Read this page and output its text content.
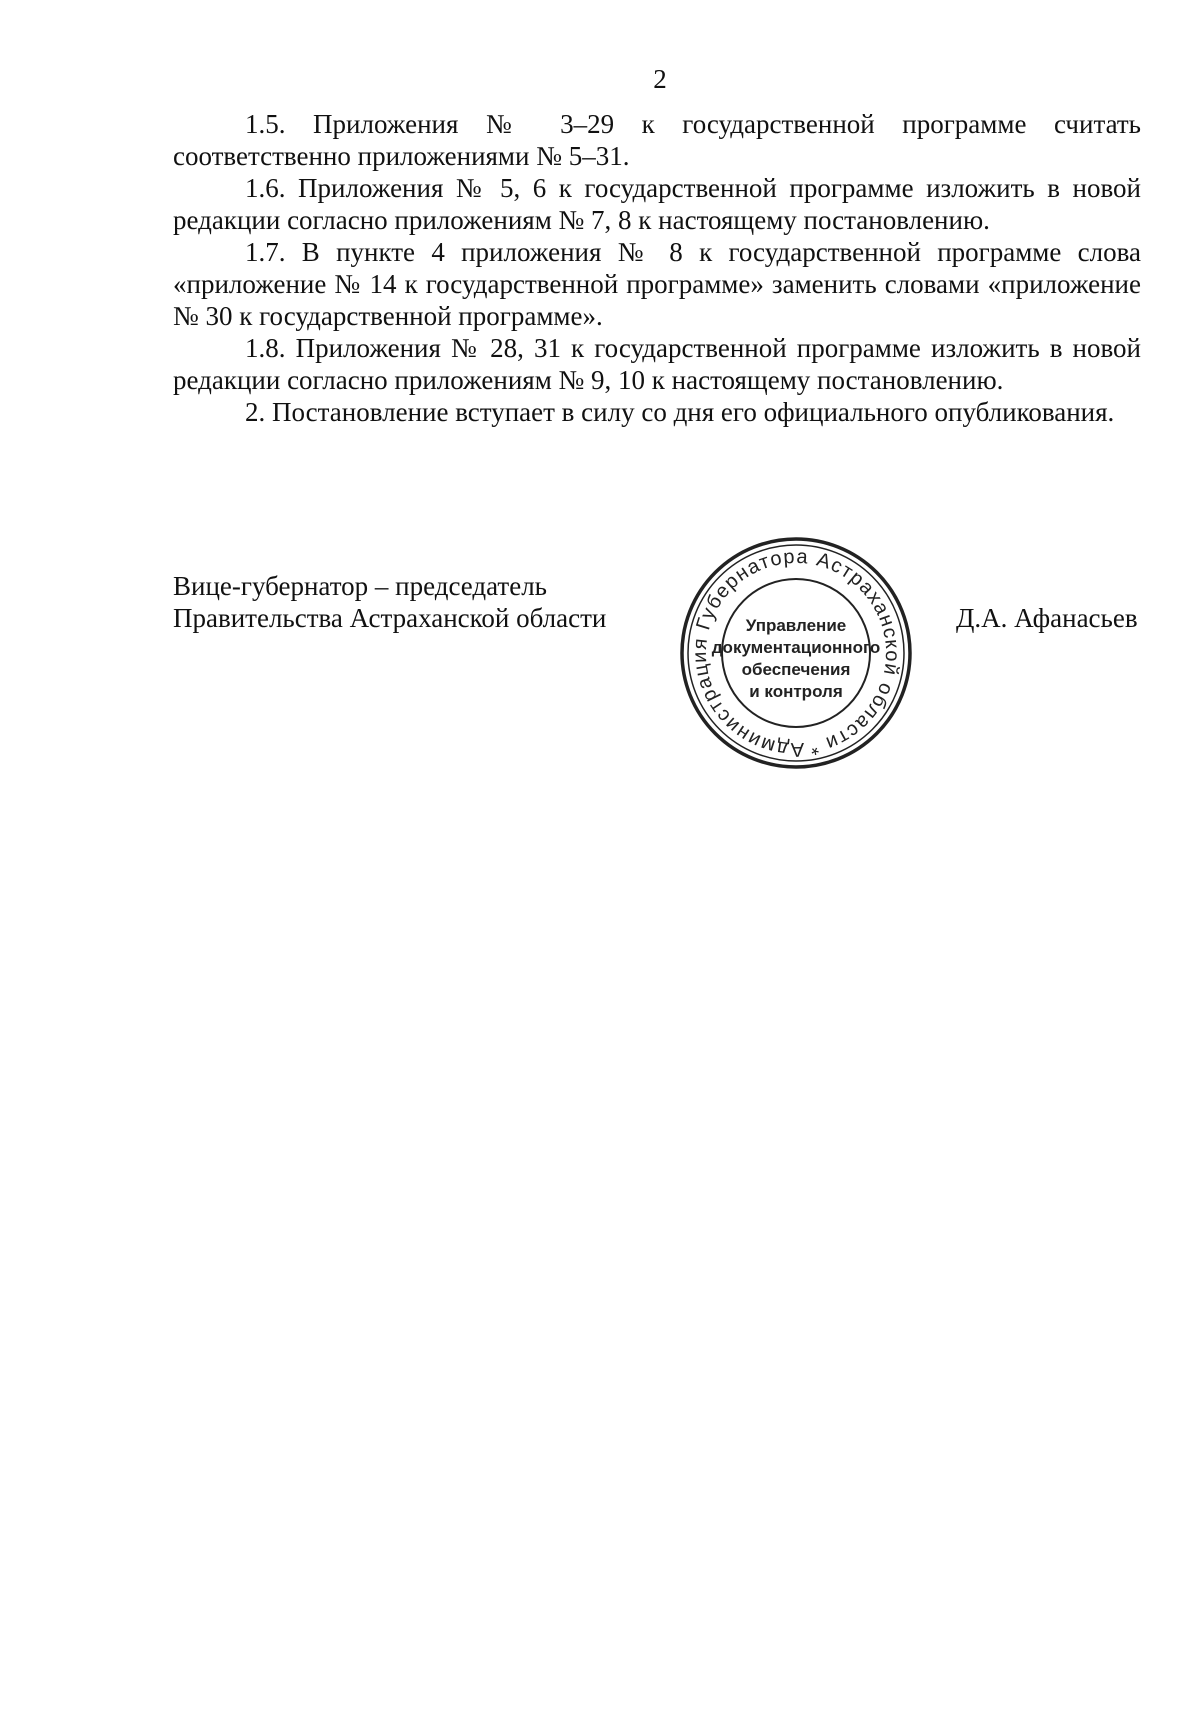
2

1.5. Приложения № 3–29 к государственной программе считать соответственно приложениями № 5–31.

1.6. Приложения № 5, 6 к государственной программе изложить в новой редакции согласно приложениям № 7, 8 к настоящему постановлению.

1.7. В пункте 4 приложения № 8 к государственной программе слова «приложение № 14 к государственной программе» заменить словами «приложение № 30 к государственной программе».

1.8. Приложения № 28, 31 к государственной программе изложить в новой редакции согласно приложениям № 9, 10 к настоящему постановлению.

2. Постановление вступает в силу со дня его официального опубликования.

Вице-губернатор – председатель
Правительства Астраханской области
Администрация Губернатора Астраханской области *
Управление
документационного
обеспечения
и контроля
Д.А. Афанасьев
